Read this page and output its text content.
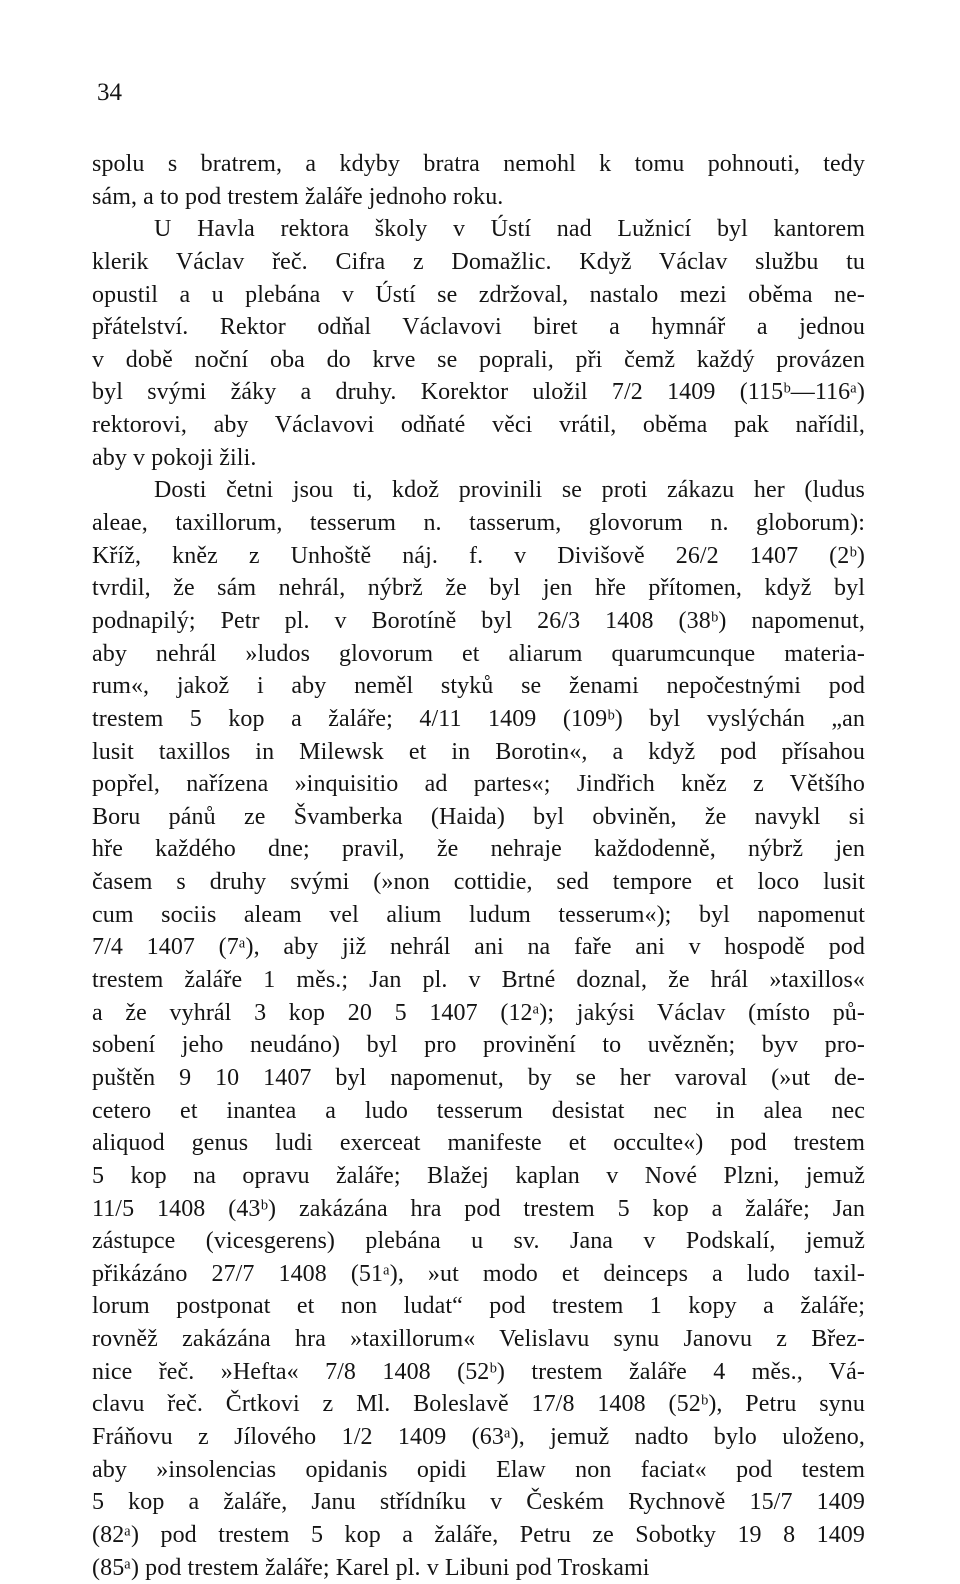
34
spolu s bratrem, a kdyby bratra nemohl k tomu pohnouti, tedy
sám, a to pod trestem žaláře jednoho roku.
U Havla rektora školy v Ústí nad Lužnicí byl kantorem
klerik Václav řeč. Cifra z Domažlic. Když Václav službu tu
opustil a u plebána v Ústí se zdržoval, nastalo mezi oběma ne-
přátelství. Rektor odňal Václavovi biret a hymnář a jednou
v době noční oba do krve se poprali, při čemž každý provázen
byl svými žáky a druhy. Korektor uložil 7/2 1409 (115ᵇ—116ᵃ)
rektorovi, aby Václavovi odňaté věci vrátil, oběma pak nařídil,
aby v pokoji žili.
Dosti četni jsou ti, kdož provinili se proti zákazu her (ludus
aleae, taxillorum, tesserum n. tasserum, glovorum n. globorum):
Kříž, kněz z Unhoště náj. f. v Divišově 26/2 1407 (2ᵇ)
tvrdil, že sám nehrál, nýbrž že byl jen hře přítomen, když byl
podnapilý; Petr pl. v Borotíně byl 26/3 1408 (38ᵇ) napomenut,
aby nehrál »ludos glovorum et aliarum quarumcunque materia-
rum«, jakož i aby neměl styků se ženami nepočestnými pod
trestem 5 kop a žaláře; 4/11 1409 (109ᵇ) byl vyslýchán „an
lusit taxillos in Milewsk et in Borotin«, a když pod přísahou
popřel, nařízena »inquisitio ad partes«; Jindřich kněz z Většího
Boru pánů ze Švamberka (Haida) byl obviněn, že navykl si
hře každého dne; pravil, že nehraje každodenně, nýbrž jen
časem s druhy svými (»non cottidie, sed tempore et loco lusit
cum sociis aleam vel alium ludum tesserum«); byl napomenut
7/4 1407 (7ᵃ), aby již nehrál ani na faře ani v hospodě pod
trestem žaláře 1 měs.; Jan pl. v Brtné doznal, že hrál »taxillos«
a že vyhrál 3 kop 20 5 1407 (12ᵃ); jakýsi Václav (místo pů-
sobení jeho neudáno) byl pro provinění to uvězněn; byv pro-
puštěn 9 10 1407 byl napomenut, by se her varoval (»ut de-
cetero et inantea a ludo tesserum desistat nec in alea nec
aliquod genus ludi exerceat manifeste et occulte«) pod trestem
5 kop na opravu žaláře; Blažej kaplan v Nové Plzni, jemuž
11/5 1408 (43ᵇ) zakázána hra pod trestem 5 kop a žaláře; Jan
zástupce (vicesgerens) plebána u sv. Jana v Podskalí, jemuž
přikázáno 27/7 1408 (51ᵃ), »ut modo et deinceps a ludo taxil-
lorum postponat et non ludat“ pod trestem 1 kopy a žaláře;
rovněž zakázána hra »taxillorum« Velislavu synu Janovu z Břez-
nice řeč. »Hefta« 7/8 1408 (52ᵇ) trestem žaláře 4 měs., Vá-
clavu řeč. Črtkovi z Ml. Boleslavě 17/8 1408 (52ᵇ), Petru synu
Fráňovu z Jílového 1/2 1409 (63ᵃ), jemuž nadto bylo uloženo,
aby »insolencias opidanis opidi Elaw non faciat« pod testem
5 kop a žaláře, Janu střídníku v Českém Rychnově 15/7 1409
(82ᵃ) pod trestem 5 kop a žaláře, Petru ze Sobotky 19 8 1409
(85ᵃ) pod trestem žaláře; Karel pl. v Libuni pod Troskami
